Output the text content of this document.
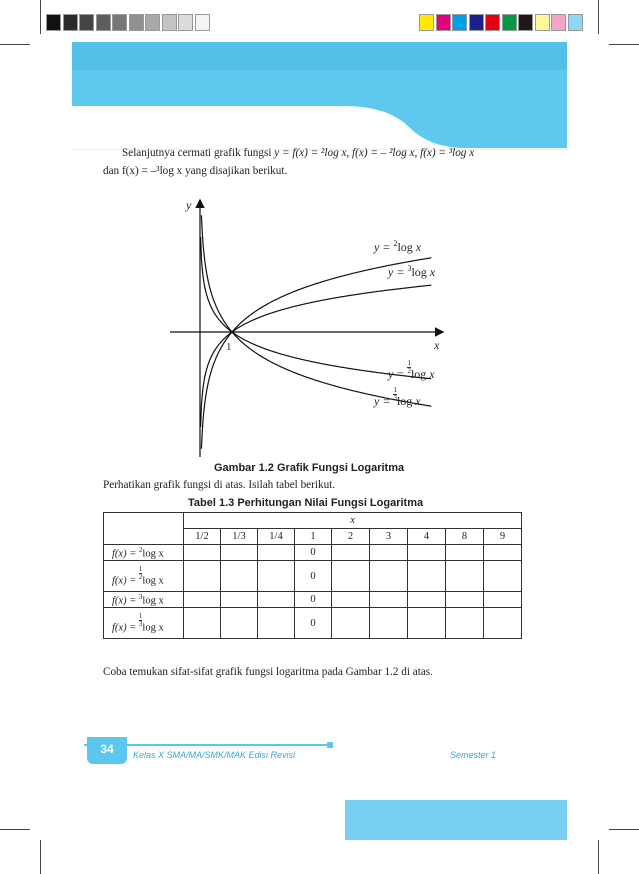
Selanjutnya cermati grafik fungsi y = f(x) = ²log x, f(x) = – ²log x, f(x) = ³log x
dan f(x) = –³log x yang disajikan berikut.
y
x
1
y = $^2$log x
y = $^3$log x
$y = \frac{1}{2}$ log x
$y = \frac{1}{3}$ log x
Gambar 1.2 Grafik Fungsi Logaritma
Perhatikan grafik fungsi di atas. Isilah tabel berikut.
Tabel 1.3 Perhitungan Nilai Fungsi Logaritma
	x								
	1/2	1/3	1/4	1	2	3	4	8	9
f(x) = $^2$log x				0					
$f(x) = \frac{1}{2}$ log x				0					
f(x) = $^3$log x				0					
$f(x) = \frac{1}{3}$ log x				0					
Coba temukan sifat-sifat grafik fungsi logaritma pada Gambar 1.2 di atas.
34	Kelas X SMA/MA/SMK/MAK Edisi Revisi	Semester 1
